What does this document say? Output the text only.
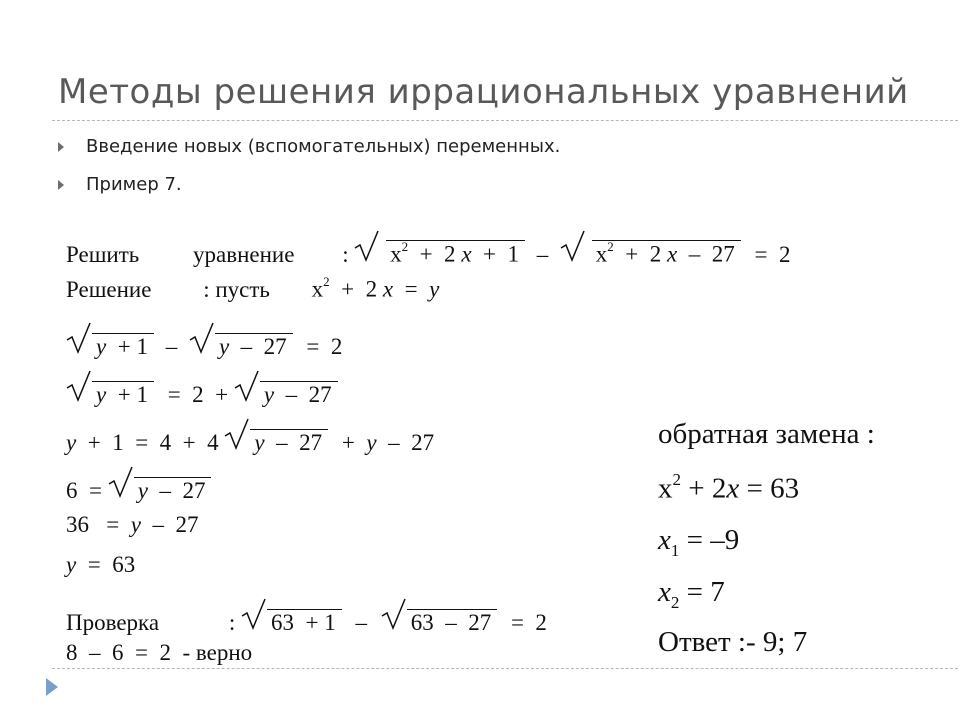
Методы решения иррациональных уравнений
Введение новых (вспомогательных) переменных.
Пример 7.
Решить уравнение : $x^2 + 2$ $x + 1 - x^2 + 2$ x  –  27 =  2
Решение : пусть $x^2 + 2$ x  =  y
y  + 1 – y  –  27 =  2
y  + 1 =  2  + y  –  27
y  +  1  =  4  +  4 y  –  27 +  y  –  27
6  = y  –  27
36   =  y  –  27
y  =  63
Проверка	: 63  + 1 – 63  –  27 =  2
8  –  6  =  2  - верно
обратная замена :
$x^2 + 2x = 63$
$x_1 = -9$
$x_2 = 7$
Ответ :- 9; 7
